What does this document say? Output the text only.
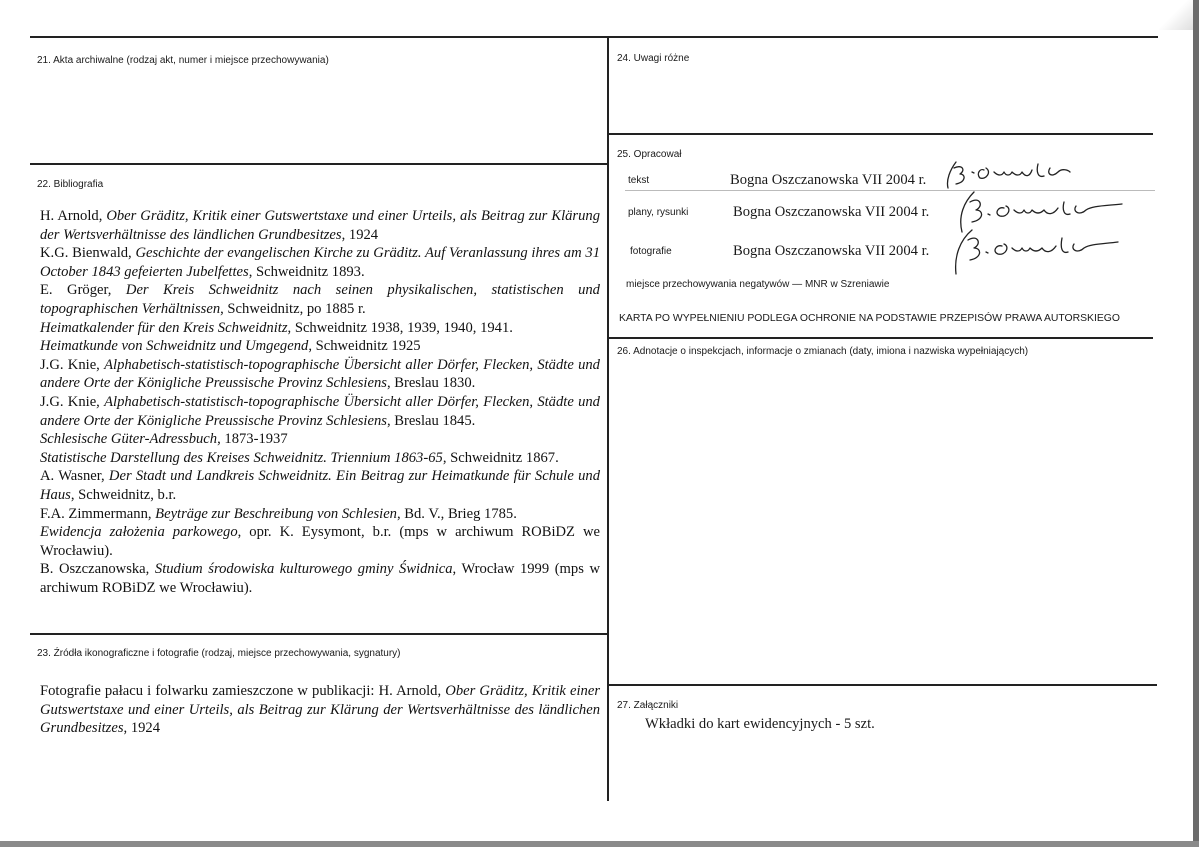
21. Akta archiwalne (rodzaj akt, numer i miejsce przechowywania)
22. Bibliografia
23. Źródła ikonograficzne i fotografie (rodzaj, miejsce przechowywania, sygnatury)
24. Uwagi różne
25. Opracował
26. Adnotacje o inspekcjach, informacje o zmianach (daty, imiona i nazwiska wypełniających)
27. Załączniki
H. Arnold, Ober Gräditz, Kritik einer Gutswertstaxe und einer Urteils, als Beitrag zur Klärung der Wertsverhältnisse des ländlichen Grundbesitzes, 1924
K.G. Bienwald, Geschichte der evangelischen Kirche zu Gräditz. Auf Veranlassung ihres am 31 October 1843 gefeierten Jubelfettes, Schweidnitz 1893.
E. Gröger, Der Kreis Schweidnitz nach seinen physikalischen, statistischen und topographischen Verhältnissen, Schweidnitz, po 1885 r.
Heimatkalender für den Kreis Schweidnitz, Schweidnitz 1938, 1939, 1940, 1941.
Heimatkunde von Schweidnitz und Umgegend, Schweidnitz 1925
J.G. Knie, Alphabetisch-statistisch-topographische Übersicht aller Dörfer, Flecken, Städte und andere Orte der Königliche Preussische Provinz Schlesiens, Breslau 1830.
J.G. Knie, Alphabetisch-statistisch-topographische Übersicht aller Dörfer, Flecken, Städte und andere Orte der Königliche Preussische Provinz Schlesiens, Breslau 1845.
Schlesische Güter-Adressbuch, 1873-1937
Statistische Darstellung des Kreises Schweidnitz. Triennium 1863-65, Schweidnitz 1867.
A. Wasner, Der Stadt und Landkreis Schweidnitz. Ein Beitrag zur Heimatkunde für Schule und Haus, Schweidnitz, b.r.
F.A. Zimmermann, Beyträge zur Beschreibung von Schlesien, Bd. V., Brieg 1785.
Ewidencja założenia parkowego, opr. K. Eysymont, b.r. (mps w archiwum ROBiDZ we Wrocławiu).
B. Oszczanowska, Studium środowiska kulturowego gminy Świdnica, Wrocław 1999 (mps w archiwum ROBiDZ we Wrocławiu).
Fotografie pałacu i folwarku zamieszczone w publikacji: H. Arnold, Ober Gräditz, Kritik einer Gutswertstaxe und einer Urteils, als Beitrag zur Klärung der Wertsverhältnisse des ländlichen Grundbesitzes, 1924
tekst	Bogna Oszczanowska VII 2004 r.
plany, rysunki	Bogna Oszczanowska VII 2004 r.
fotografie	Bogna Oszczanowska VII 2004 r.
miejsce przechowywania negatywów — MNR w Szreniawie
KARTA PO WYPEŁNIENIU PODLEGA OCHRONIE NA PODSTAWIE PRZEPISÓW PRAWA AUTORSKIEGO
Wkładki do kart ewidencyjnych - 5 szt.
